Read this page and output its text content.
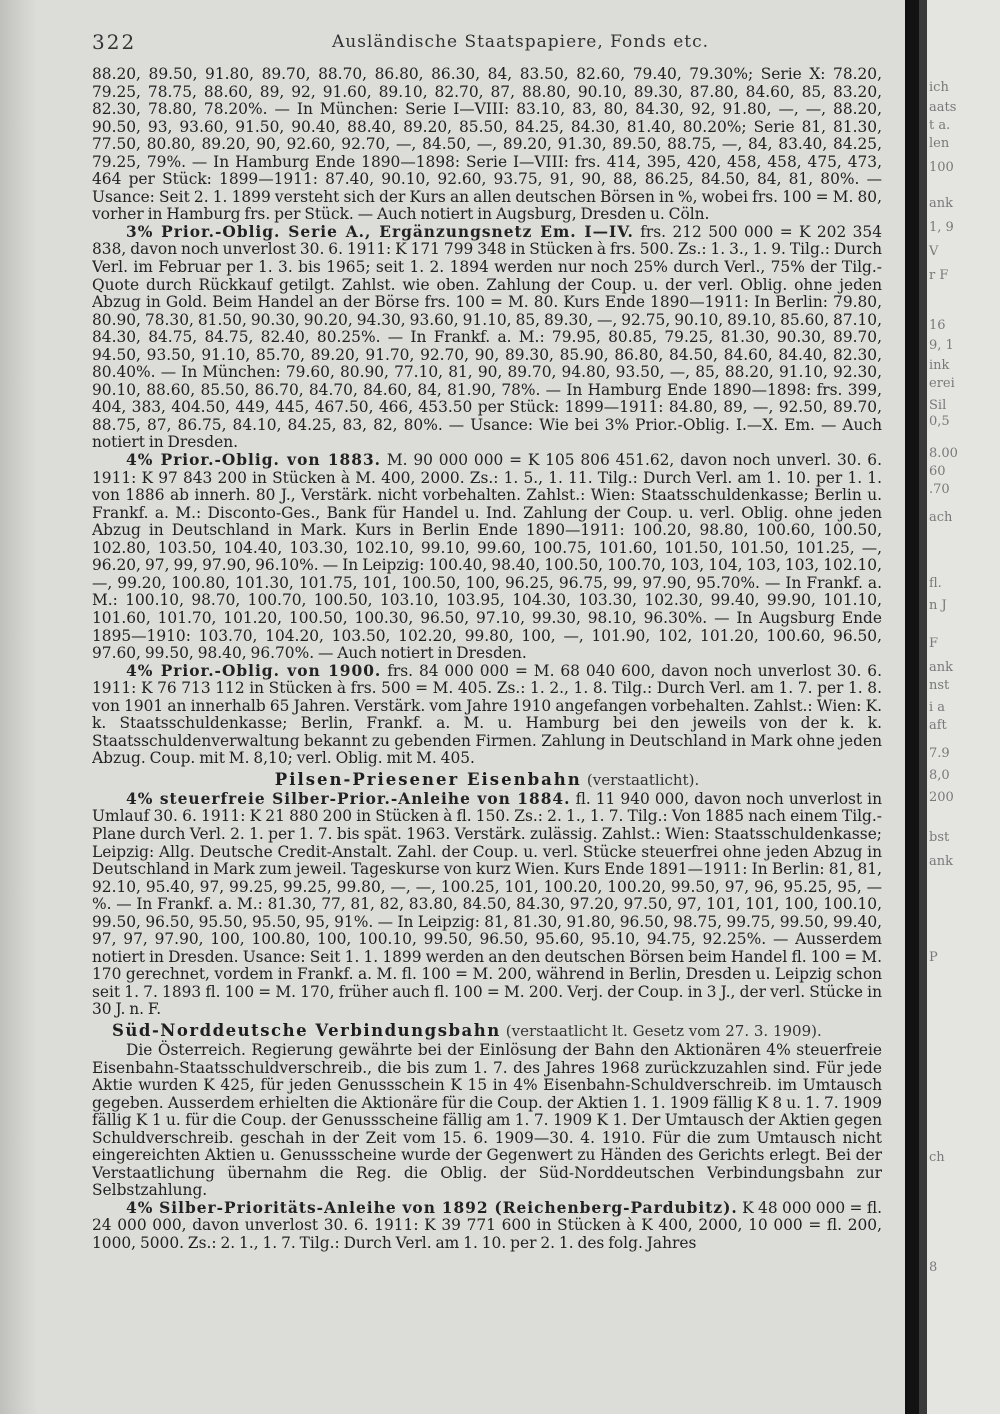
322	Ausländische Staatspapiere, Fonds etc.

88.20, 89.50, 91.80, 89.70, 88.70, 86.80, 86.30, 84, 83.50, 82.60, 79.40, 79.30%; Serie X: 78.20, 79.25, 78.75, 88.60, 89, 92, 91.60, 89.10, 82.70, 87, 88.80, 90.10, 89.30, 87.80, 84.60, 85, 83.20, 82.30, 78.80, 78.20%. — In München: Serie I—VIII: 83.10, 83, 80, 84.30, 92, 91.80, —, —, 88.20, 90.50, 93, 93.60, 91.50, 90.40, 88.40, 89.20, 85.50, 84.25, 84.30, 81.40, 80.20%; Serie 81, 81.30, 77.50, 80.80, 89.20, 90, 92.60, 92.70, —, 84.50, —, 89.20, 91.30, 89.50, 88.75, —, 84, 83.40, 84.25, 79.25, 79%. — In Hamburg Ende 1890—1898: Serie I—VIII: frs. 414, 395, 420, 458, 458, 475, 473, 464 per Stück: 1899—1911: 87.40, 90.10, 92.60, 93.75, 91, 90, 88, 86.25, 84.50, 84, 81, 80%. — Usance: Seit 2. 1. 1899 versteht sich der Kurs an allen deutschen Börsen in %, wobei frs. 100 = M. 80, vorher in Hamburg frs. per Stück. — Auch notiert in Augsburg, Dresden u. Cöln.

3% Prior.-Oblig. Serie A., Ergänzungsnetz Em. I—IV. frs. 212 500 000 = K 202 354 838, davon noch unverlost 30. 6. 1911: K 171 799 348 in Stücken à frs. 500. Zs.: 1. 3., 1. 9. Tilg.: Durch Verl. im Februar per 1. 3. bis 1965; seit 1. 2. 1894 werden nur noch 25% durch Verl., 75% der Tilg.-Quote durch Rückkauf getilgt. Zahlst. wie oben. Zahlung der Coup. u. der verl. Oblig. ohne jeden Abzug in Gold. Beim Handel an der Börse frs. 100 = M. 80. Kurs Ende 1890—1911: In Berlin: 79.80, 80.90, 78.30, 81.50, 90.30, 90.20, 94.30, 93.60, 91.10, 85, 89.30, —, 92.75, 90.10, 89.10, 85.60, 87.10, 84.30, 84.75, 84.75, 82.40, 80.25%. — In Frankf. a. M.: 79.95, 80.85, 79.25, 81.30, 90.30, 89.70, 94.50, 93.50, 91.10, 85.70, 89.20, 91.70, 92.70, 90, 89.30, 85.90, 86.80, 84.50, 84.60, 84.40, 82.30, 80.40%. — In München: 79.60, 80.90, 77.10, 81, 90, 89.70, 94.80, 93.50, —, 85, 88.20, 91.10, 92.30, 90.10, 88.60, 85.50, 86.70, 84.70, 84.60, 84, 81.90, 78%. — In Hamburg Ende 1890—1898: frs. 399, 404, 383, 404.50, 449, 445, 467.50, 466, 453.50 per Stück: 1899—1911: 84.80, 89, —, 92.50, 89.70, 88.75, 87, 86.75, 84.10, 84.25, 83, 82, 80%. — Usance: Wie bei 3% Prior.-Oblig. I.—X. Em. — Auch notiert in Dresden.

4% Prior.-Oblig. von 1883. M. 90 000 000 = K 105 806 451.62, davon noch unverl. 30. 6. 1911: K 97 843 200 in Stücken à M. 400, 2000. Zs.: 1. 5., 1. 11. Tilg.: Durch Verl. am 1. 10. per 1. 1. von 1886 ab innerh. 80 J., Verstärk. nicht vorbehalten. Zahlst.: Wien: Staatsschuldenkasse; Berlin u. Frankf. a. M.: Disconto-Ges., Bank für Handel u. Ind. Zahlung der Coup. u. verl. Oblig. ohne jeden Abzug in Deutschland in Mark. Kurs in Berlin Ende 1890—1911: 100.20, 98.80, 100.60, 100.50, 102.80, 103.50, 104.40, 103.30, 102.10, 99.10, 99.60, 100.75, 101.60, 101.50, 101.50, 101.25, —, 96.20, 97, 99, 97.90, 96.10%. — In Leipzig: 100.40, 98.40, 100.50, 100.70, 103, 104, 103, 103, 102.10, —, 99.20, 100.80, 101.30, 101.75, 101, 100.50, 100, 96.25, 96.75, 99, 97.90, 95.70%. — In Frankf. a. M.: 100.10, 98.70, 100.70, 100.50, 103.10, 103.95, 104.30, 103.30, 102.30, 99.40, 99.90, 101.10, 101.60, 101.70, 101.20, 100.50, 100.30, 96.50, 97.10, 99.30, 98.10, 96.30%. — In Augsburg Ende 1895—1910: 103.70, 104.20, 103.50, 102.20, 99.80, 100, —, 101.90, 102, 101.20, 100.60, 96.50, 97.60, 99.50, 98.40, 96.70%. — Auch notiert in Dresden.

4% Prior.-Oblig. von 1900. frs. 84 000 000 = M. 68 040 600, davon noch unverlost 30. 6. 1911: K 76 713 112 in Stücken à frs. 500 = M. 405. Zs.: 1. 2., 1. 8. Tilg.: Durch Verl. am 1. 7. per 1. 8. von 1901 an innerhalb 65 Jahren. Verstärk. vom Jahre 1910 angefangen vorbehalten. Zahlst.: Wien: K. k. Staatsschuldenkasse; Berlin, Frankf. a. M. u. Hamburg bei den jeweils von der k. k. Staatsschuldenverwaltung bekannt zu gebenden Firmen. Zahlung in Deutschland in Mark ohne jeden Abzug. Coup. mit M. 8,10; verl. Oblig. mit M. 405.

Pilsen-Priesener Eisenbahn (verstaatlicht).

4% steuerfreie Silber-Prior.-Anleihe von 1884. fl. 11 940 000, davon noch unverlost in Umlauf 30. 6. 1911: K 21 880 200 in Stücken à fl. 150. Zs.: 2. 1., 1. 7. Tilg.: Von 1885 nach einem Tilg.-Plane durch Verl. 2. 1. per 1. 7. bis spät. 1963. Verstärk. zulässig. Zahlst.: Wien: Staatsschuldenkasse; Leipzig: Allg. Deutsche Credit-Anstalt. Zahl. der Coup. u. verl. Stücke steuerfrei ohne jeden Abzug in Deutschland in Mark zum jeweil. Tageskurse von kurz Wien. Kurs Ende 1891—1911: In Berlin: 81, 81, 92.10, 95.40, 97, 99.25, 99.25, 99.80, —, —, 100.25, 101, 100.20, 100.20, 99.50, 97, 96, 95.25, 95, —%. — In Frankf. a. M.: 81.30, 77, 81, 82, 83.80, 84.50, 84.30, 97.20, 97.50, 97, 101, 101, 100, 100.10, 99.50, 96.50, 95.50, 95.50, 95, 91%. — In Leipzig: 81, 81.30, 91.80, 96.50, 98.75, 99.75, 99.50, 99.40, 97, 97, 97.90, 100, 100.80, 100, 100.10, 99.50, 96.50, 95.60, 95.10, 94.75, 92.25%. — Ausserdem notiert in Dresden. Usance: Seit 1. 1. 1899 werden an den deutschen Börsen beim Handel fl. 100 = M. 170 gerechnet, vordem in Frankf. a. M. fl. 100 = M. 200, während in Berlin, Dresden u. Leipzig schon seit 1. 7. 1893 fl. 100 = M. 170, früher auch fl. 100 = M. 200. Verj. der Coup. in 3 J., der verl. Stücke in 30 J. n. F.

Süd-Norddeutsche Verbindungsbahn (verstaatlicht lt. Gesetz vom 27. 3. 1909).

Die Österreich. Regierung gewährte bei der Einlösung der Bahn den Aktionären 4% steuerfreie Eisenbahn-Staatsschuldverschreib., die bis zum 1. 7. des Jahres 1968 zurückzuzahlen sind. Für jede Aktie wurden K 425, für jeden Genussschein K 15 in 4% Eisenbahn-Schuldverschreib. im Umtausch gegeben. Ausserdem erhielten die Aktionäre für die Coup. der Aktien 1. 1. 1909 fällig K 8 u. 1. 7. 1909 fällig K 1 u. für die Coup. der Genussscheine fällig am 1. 7. 1909 K 1. Der Umtausch der Aktien gegen Schuldverschreib. geschah in der Zeit vom 15. 6. 1909—30. 4. 1910. Für die zum Umtausch nicht eingereichten Aktien u. Genussscheine wurde der Gegenwert zu Händen des Gerichts erlegt. Bei der Verstaatlichung übernahm die Reg. die Oblig. der Süd-Norddeutschen Verbindungsbahn zur Selbstzahlung.

4% Silber-Prioritäts-Anleihe von 1892 (Reichenberg-Pardubitz). K 48 000 000 = fl. 24 000 000, davon unverlost 30. 6. 1911: K 39 771 600 in Stücken à K 400, 2000, 10 000 = fl. 200, 1000, 5000. Zs.: 2. 1., 1. 7. Tilg.: Durch Verl. am 1. 10. per 2. 1. des folg. Jahres

ich
aats
t a.
len
100
ank
1, 9
V
r F
16
9, 1
ink
erei
Sil
0,5
8.00
60
.70
ach
fl.
n J
F
ank
nst
i a
aft
7.9
8,0
200
bst
ank
P
ch
8
